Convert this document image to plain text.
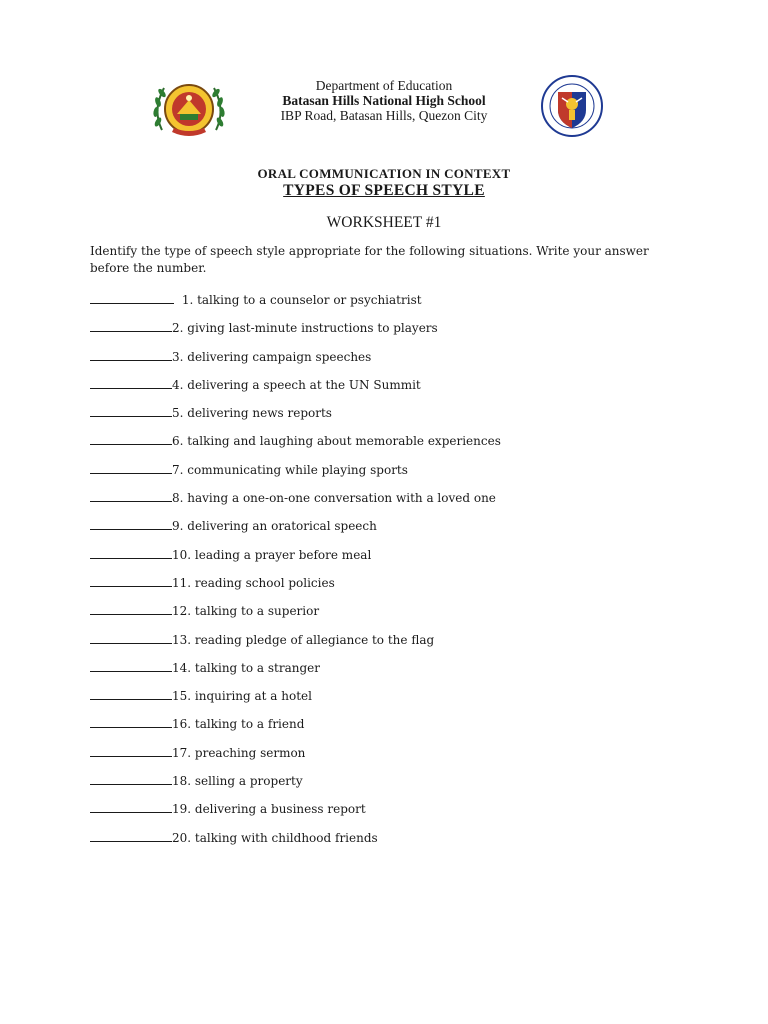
Department of Education
Batasan Hills National High School
IBP Road, Batasan Hills, Quezon City
ORAL COMMUNICATION IN CONTEXT
TYPES OF SPEECH STYLE
WORKSHEET #1
Identify the type of speech style appropriate for the following situations. Write your answer before the number.
1. talking to a counselor or psychiatrist
2. giving last-minute instructions to players
3. delivering campaign speeches
4. delivering a speech at the UN Summit
5. delivering news reports
6. talking and laughing about memorable experiences
7. communicating while playing sports
8. having a one-on-one conversation with a loved one
9. delivering an oratorical speech
10. leading a prayer before meal
11. reading school policies
12. talking to a superior
13. reading pledge of allegiance to the flag
14. talking to a stranger
15. inquiring at a hotel
16. talking to a friend
17. preaching sermon
18. selling a property
19. delivering a business report
20. talking with childhood friends
